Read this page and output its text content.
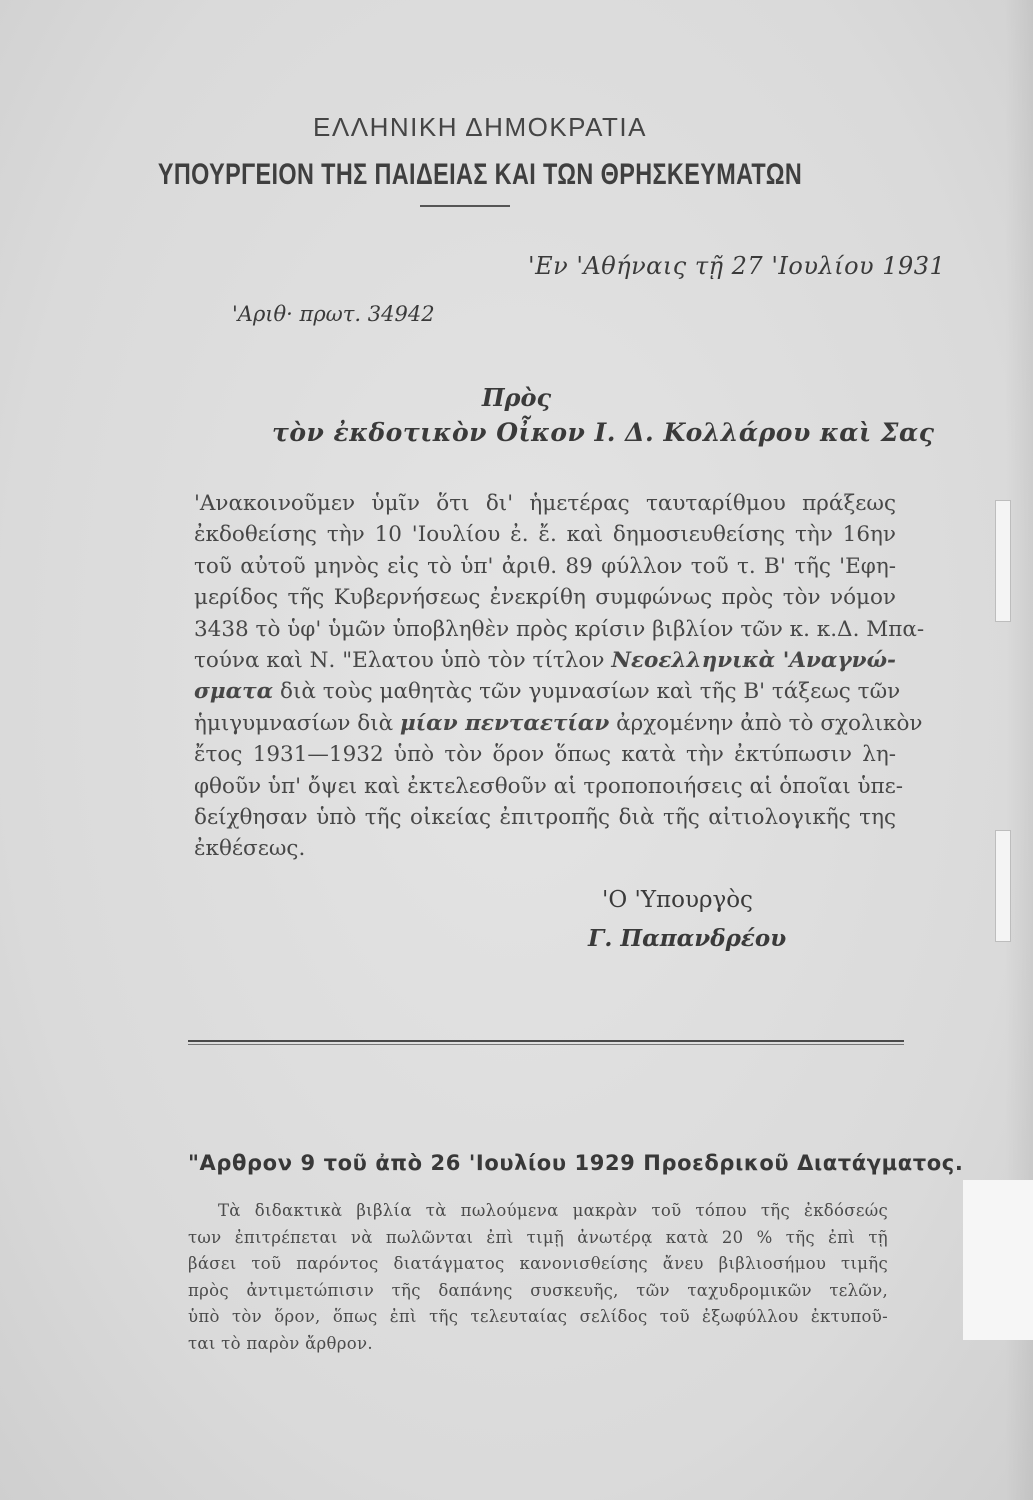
ΕΛΛΗΝΙΚΗ ΔΗΜΟΚΡΑΤΙΑ
ΥΠΟΥΡΓΕΙΟΝ ΤΗΣ ΠΑΙΔΕΙΑΣ ΚΑΙ ΤΩΝ ΘΡΗΣΚΕΥΜΑΤΩΝ
'Εν 'Αθήναις τῇ 27 'Ιουλίου 1931
'Αριθ· πρωτ. 34942
Πρὸς
τὸν ἐκδοτικὸν Οἶκον Ι. Δ. Κολλάρου καὶ Σας
'Ανακοινοῦμεν ὑμῖν ὅτι δι' ἡμετέρας ταυταρίθμου πράξεως
ἐκδοθείσης τὴν 10 'Ιουλίου ἐ. ἔ. καὶ δημοσιευθείσης τὴν 16ην
τοῦ αὐτοῦ μηνὸς εἰς τὸ ὑπ' ἀριθ. 89 φύλλον τοῦ τ. Β' τῆς 'Εφη-
μερίδος τῆς Κυβερνήσεως ἐνεκρίθη συμφώνως πρὸς τὸν νόμον
3438 τὸ ὑφ' ὑμῶν ὑποβληθὲν πρὸς κρίσιν βιβλίον τῶν κ. κ.Δ. Μπα-
τούνα καὶ Ν. "Ελατου ὑπὸ τὸν τίτλον Νεοελληνικὰ 'Αναγνώ-
σματα διὰ τοὺς μαθητὰς τῶν γυμνασίων καὶ τῆς Β' τάξεως τῶν
ἡμιγυμνασίων διὰ μίαν πενταετίαν ἀρχομένην ἀπὸ τὸ σχολικὸν
ἔτος 1931—1932 ὑπὸ τὸν ὅρον ὅπως κατὰ τὴν ἐκτύπωσιν λη-
φθοῦν ὑπ' ὄψει καὶ ἐκτελεσθοῦν αἱ τροποποιήσεις αἱ ὁποῖαι ὑπε-
δείχθησαν ὑπὸ τῆς οἰκείας ἐπιτροπῆς διὰ τῆς αἰτιολογικῆς της
ἐκθέσεως.
'Ο 'Υπουργὸς
Γ. Παπανδρέου
"Αρθρον 9 τοῦ ἀπὸ 26 'Ιουλίου 1929 Προεδρικοῦ Διατάγματος.
Τὰ διδακτικὰ βιβλία τὰ πωλούμενα μακρὰν τοῦ τόπου τῆς ἐκδόσεώς
των ἐπιτρέπεται νὰ πωλῶνται ἐπὶ τιμῇ ἀνωτέρᾳ κατὰ 20 % τῆς ἐπὶ τῇ
βάσει τοῦ παρόντος διατάγματος κανονισθείσης ἄνευ βιβλιοσήμου τιμῆς
πρὸς ἀντιμετώπισιν τῆς δαπάνης συσκευῆς, τῶν ταχυδρομικῶν τελῶν,
ὑπὸ τὸν ὅρον, ὅπως ἐπὶ τῆς τελευταίας σελίδος τοῦ ἐξωφύλλου ἐκτυποῦ-
ται τὸ παρὸν ἄρθρον.
